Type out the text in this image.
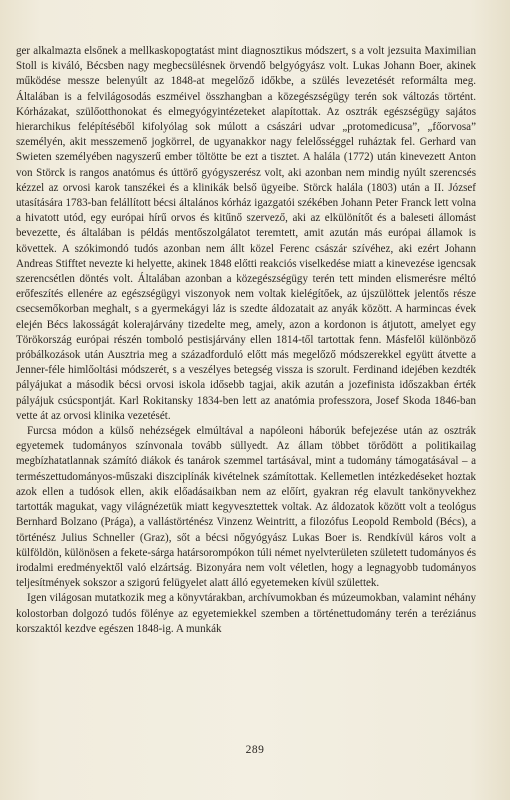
ger alkalmazta elsőnek a mellkaskopogtatást mint diagnosztikus módszert, s a volt jezsuita Maximilian Stoll is kiváló, Bécsben nagy megbecsülésnek örvendő belgyógyász volt. Lukas Johann Boer, akinek működése messze belenyúlt az 1848-at megelőző időkbe, a szülés levezetését reformálta meg. Általában is a felvilágosodás eszméivel összhangban a közegészségügy terén sok változás történt. Kórházakat, szülőotthonokat és elmegyógyintézeteket alapítottak. Az osztrák egészségügy sajátos hierarchikus felépítéséből kifolyólag sok múlott a császári udvar „protomedicusa”, „főorvosa” személyén, akit messzemenő jogkörrel, de ugyanakkor nagy felelősséggel ruháztak fel. Gerhard van Swieten személyében nagyszerű ember töltötte be ezt a tisztet. A halála (1772) után kinevezett Anton von Störck is rangos anatómus és úttörő gyógyszerész volt, aki azonban nem mindig nyúlt szerencsés kézzel az orvosi karok tanszékei és a klinikák belső ügyeibe. Störck halála (1803) után a II. József utasítására 1783-ban felállított bécsi általános kórház igazgatói székében Johann Peter Franck lett volna a hivatott utód, egy európai hírű orvos és kitűnő szervező, aki az elkülönítőt és a baleseti állomást bevezette, és általában is példás mentőszolgálatot teremtett, amit azután más európai államok is követtek. A szókimondó tudós azonban nem állt közel Ferenc császár szívéhez, aki ezért Johann Andreas Stifftet nevezte ki helyette, akinek 1848 előtti reakciós viselkedése miatt a kinevezése igencsak szerencsétlen döntés volt. Általában azonban a közegészségügy terén tett minden elismerésre méltó erőfeszítés ellenére az egészségügyi viszonyok nem voltak kielégítőek, az újszülöttek jelentős része csecsemőkorban meghalt, s a gyermekágyi láz is szedte áldozatait az anyák között. A harmincas évek elején Bécs lakosságát kolerajárvány tizedelte meg, amely, azon a kordonon is átjutott, amelyet egy Törökország európai részén tomboló pestisjárvány ellen 1814-től tartottak fenn. Másfelől különböző próbálkozások után Ausztria meg a századforduló előtt más megelőző módszerekkel együtt átvette a Jenner-féle himlőoltási módszerét, s a veszélyes betegség vissza is szorult. Ferdinand idejében kezdték pályájukat a második bécsi orvosi iskola idősebb tagjai, akik azután a jozefinista időszakban érték pályájuk csúcspontját. Karl Rokitansky 1834-ben lett az anatómia professzora, Josef Skoda 1846-ban vette át az orvosi klinika vezetését.

Furcsa módon a külső nehézségek elmúltával a napóleoni háborúk befejezése után az osztrák egyetemek tudományos színvonala tovább süllyedt. Az állam többet törődött a politikailag megbízhatatlannak számító diákok és tanárok szemmel tartásával, mint a tudomány támogatásával – a természettudományos-műszaki diszciplínák kivételnek számítottak. Kellemetlen intézkedéseket hoztak azok ellen a tudósok ellen, akik előadásaikban nem az előírt, gyakran rég elavult tankönyvekhez tartották magukat, vagy világnézetük miatt kegyvesztettek voltak. Az áldozatok között volt a teológus Bernhard Bolzano (Prága), a vallástörténész Vinzenz Weintritt, a filozófus Leopold Rembold (Bécs), a történész Julius Schneller (Graz), sőt a bécsi nőgyógyász Lukas Boer is. Rendkívül káros volt a külföldön, különösen a fekete-sárga határsorompókon túli német nyelvterületen született tudományos és irodalmi eredményektől való elzártság. Bizonyára nem volt véletlen, hogy a legnagyobb tudományos teljesítmények sokszor a szigorú felügyelet alatt álló egyetemeken kívül születtek.

Igen világosan mutatkozik meg a könyvtárakban, archívumokban és múzeumokban, valamint néhány kolostorban dolgozó tudós fölénye az egyetemiekkel szemben a történettudomány terén a teréziánus korszaktól kezdve egészen 1848-ig. A munkák

289
